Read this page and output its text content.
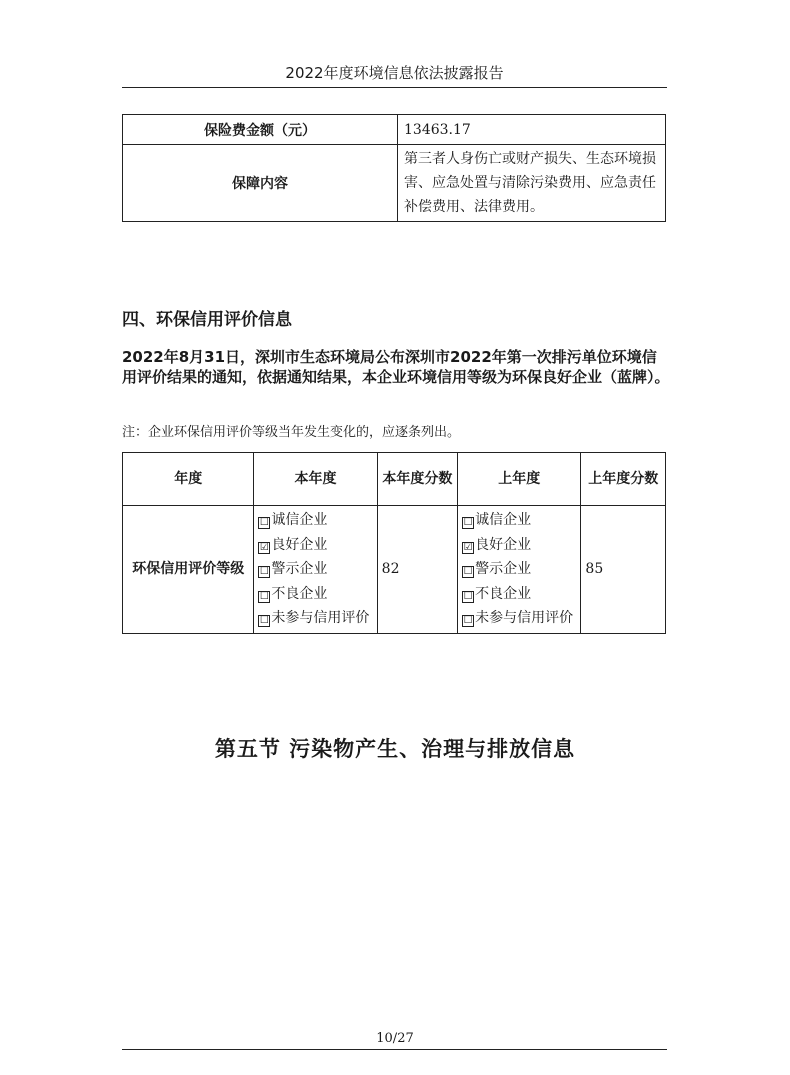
2022年度环境信息依法披露报告
保险费金额（元）	13463.17
保障内容	第三者人身伤亡或财产损失、生态环境损害、应急处置与清除污染费用、应急责任补偿费用、法律费用。
四、环保信用评价信息
2022年8月31日，深圳市生态环境局公布深圳市2022年第一次排污单位环境信用评价结果的通知，依据通知结果，本企业环境信用等级为环保良好企业（蓝牌）。
注：企业环保信用评价等级当年发生变化的，应逐条列出。
年度	本年度	本年度分数	上年度	上年度分数
环保信用评价等级	☐ 诚信企业
☑ 良好企业
☐ 警示企业
☐ 不良企业
☐ 未参与信用评价	82	☐ 诚信企业
☑ 良好企业
☐ 警示企业
☐ 不良企业
☐ 未参与信用评价	85
第五节 污染物产生、治理与排放信息
10/27
